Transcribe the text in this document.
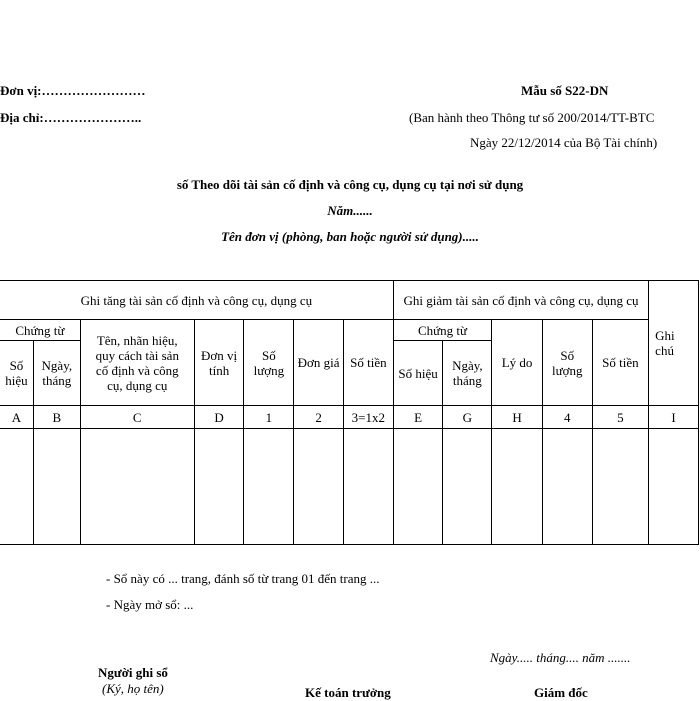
Đơn vị:……………………
Địa chỉ:…………………..
Mẫu số S22-DN
(Ban hành theo Thông tư số 200/2014/TT-BTC
Ngày 22/12/2014 của Bộ Tài chính)
số Theo dõi tài sản cố định và công cụ, dụng cụ tại nơi sử dụng
Năm......
Tên đơn vị (phòng, ban hoặc người sử dụng).....
Ghi tăng tài sản cố định và công cụ, dụng cụ							Ghi giảm tài sản cố định và công cụ, dụng cụ					Ghi chú
Chứng từ		Tên, nhãn hiệu, quy cách tài sản cố định và công cụ, dụng cụ	Đơn vị tính	Số lượng	Đơn giá	Số tiền	Chứng từ		Lý do	Số lượng	Số tiền	
Số hiệu	Ngày, tháng						Số hiệu	Ngày, tháng				
A	B	C	D	1	2	3=1x2	E	G	H	4	5	I

- Sổ này có ... trang, đánh số từ trang 01 đến trang ...
- Ngày mở sổ: ...
Ngày..... tháng.... năm .......
Người ghi sổ
(Ký, họ tên)	Kế toán trưởng	Giám đốc
